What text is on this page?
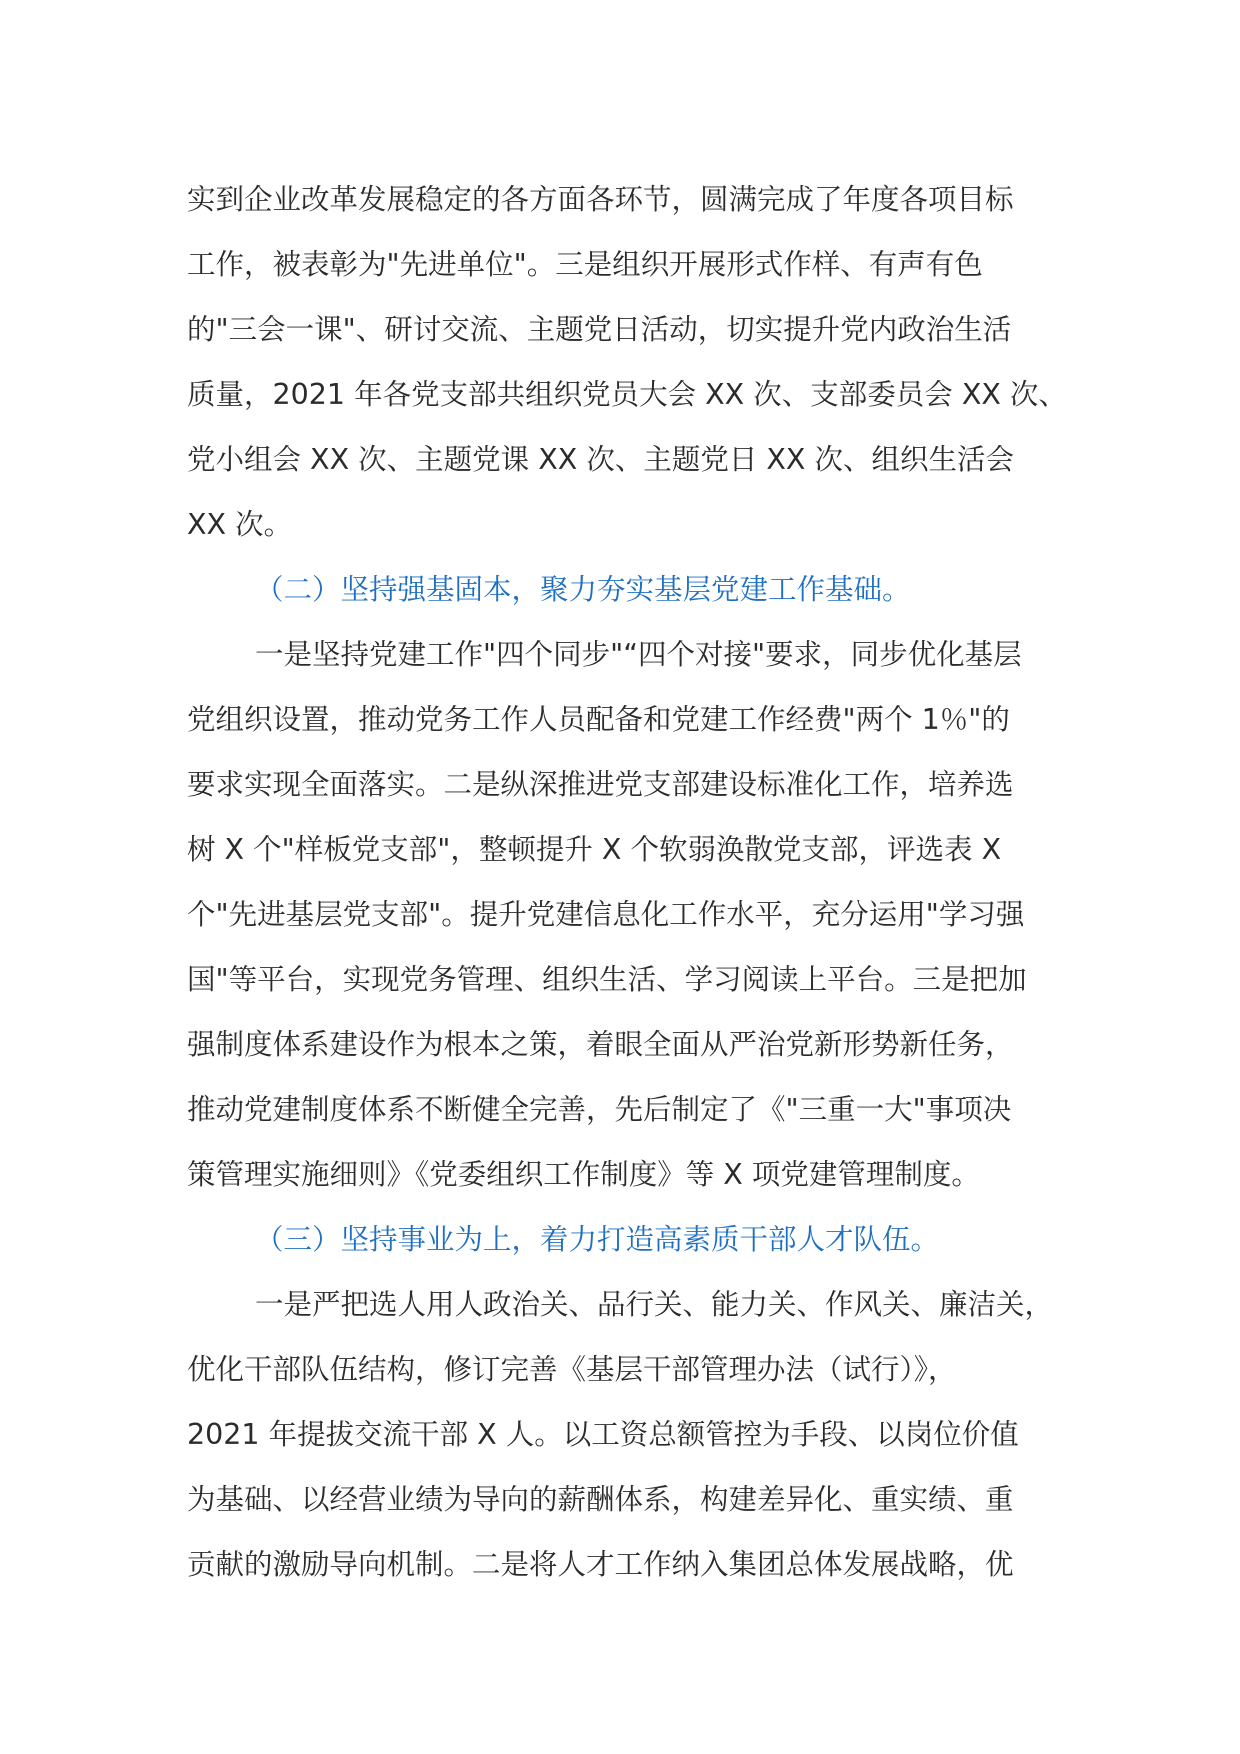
实到企业改革发展稳定的各方面各环节，圆满完成了年度各项目标
工作，被表彰为"先进单位"。三是组织开展形式作样、有声有色
的"三会一课"、研讨交流、主题党日活动，切实提升党内政治生活
质量，2021 年各党支部共组织党员大会 XX 次、支部委员会 XX 次、
党小组会 XX 次、主题党课 XX 次、主题党日 XX 次、组织生活会
XX 次。
（二）坚持强基固本，聚力夯实基层党建工作基础。
一是坚持党建工作"四个同步"“四个对接"要求，同步优化基层
党组织设置，推动党务工作人员配备和党建工作经费"两个 1％"的
要求实现全面落实。二是纵深推进党支部建设标准化工作，培养选
树 X 个"样板党支部"，整顿提升 X 个软弱涣散党支部，评选表 X
个"先进基层党支部"。提升党建信息化工作水平，充分运用"学习强
国"等平台，实现党务管理、组织生活、学习阅读上平台。三是把加
强制度体系建设作为根本之策，着眼全面从严治党新形势新任务，
推动党建制度体系不断健全完善，先后制定了《"三重一大"事项决
策管理实施细则》《党委组织工作制度》等 X 项党建管理制度。
（三）坚持事业为上，着力打造高素质干部人才队伍。
一是严把选人用人政治关、品行关、能力关、作风关、廉洁关，
优化干部队伍结构，修订完善《基层干部管理办法（试行）》，
2021 年提拔交流干部 X 人。以工资总额管控为手段、以岗位价值
为基础、以经营业绩为导向的薪酬体系，构建差异化、重实绩、重
贡献的激励导向机制。二是将人才工作纳入集团总体发展战略，优
